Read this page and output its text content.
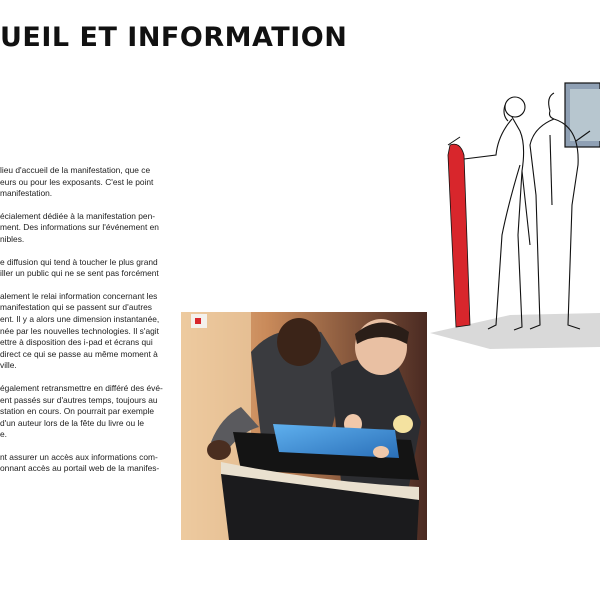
UEIL ET INFORMATION

lieu d'accueil de la manifestation, que ce
eurs ou pour les exposants. C'est le point
manifestation.

écialement dédiée à la manifestation pen-
ment. Des informations sur l'événement en
nibles.

e diffusion qui tend à toucher le plus grand
iller un public qui ne se sent pas forcément

alement le relai information concernant les
manifestation qui se passent sur d'autres
ent. Il y a alors une dimension instantanée,
née par les nouvelles technologies. Il s'agit
ettre à disposition des i-pad et écrans qui
direct ce qui se passe au même moment à
ville.

également retransmettre en différé des évé-
ent passés sur d'autres temps, toujours au
station en cours. On pourrait par exemple
d'un auteur lors de la fête du livre ou le
e.

nt assurer un accès aux informations com-
onnant accès au portail web de la manifes-
